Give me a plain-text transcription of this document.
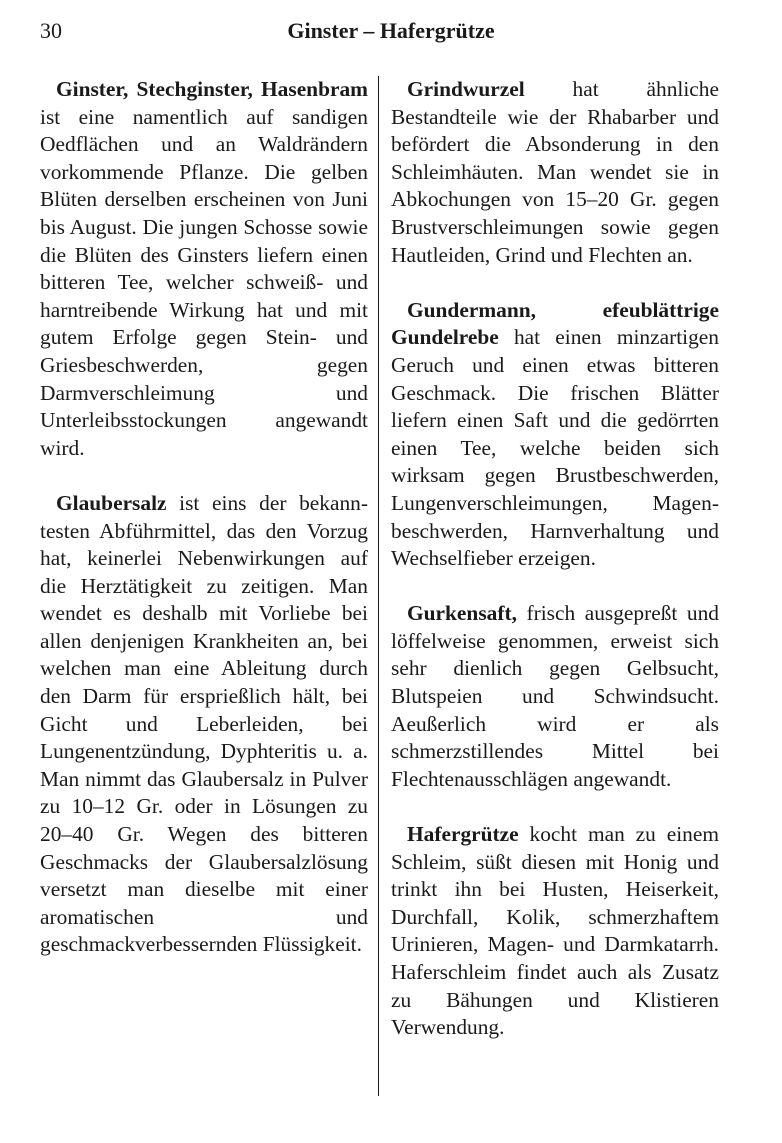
30	Ginster – Hafergrütze

Ginster, Stechginster, Hasenbram ist eine namentlich auf sandigen Oedflächen und an Waldrändern vorkommende Pflanze. Die gelben Blüten derselben erscheinen von Juni bis August. Die jungen Schosse sowie die Blüten des Ginsters liefern einen bitteren Tee, welcher schweiß- und harntreibende Wirkung hat und mit gutem Erfolge gegen Stein- und Griesbeschwerden, gegen Darmverschleimung und Unterleibsstockungen angewandt wird.

Glaubersalz ist eins der bekanntesten Abführmittel, das den Vorzug hat, keinerlei Nebenwirkungen auf die Herztätigkeit zu zeitigen. Man wendet es deshalb mit Vorliebe bei allen denjenigen Krankheiten an, bei welchen man eine Ableitung durch den Darm für ersprießlich hält, bei Gicht und Leberleiden, bei Lungenentzündung, Dyphteritis u. a. Man nimmt das Glaubersalz in Pulver zu 10–12 Gr. oder in Lösungen zu 20–40 Gr. Wegen des bitteren Geschmacks der Glaubersalzlösung versetzt man dieselbe mit einer aromatischen und geschmackverbessernden Flüssigkeit.

Grindwurzel hat ähnliche Bestandteile wie der Rhabarber und befördert die Absonderung in den Schleimhäuten. Man wendet sie in Abkochungen von 15–20 Gr. gegen Brustverschleimungen sowie gegen Hautleiden, Grind und Flechten an.

Gundermann, efeublättrige Gundelrebe hat einen minzartigen Geruch und einen etwas bitteren Geschmack. Die frischen Blätter liefern einen Saft und die gedörrten einen Tee, welche beiden sich wirksam gegen Brustbeschwerden, Lungenverschleimungen, Magenbeschwerden, Harnverhaltung und Wechselfieber erzeigen.

Gurkensaft, frisch ausgepreßt und löffelweise genommen, erweist sich sehr dienlich gegen Gelbsucht, Blutspeien und Schwindsucht. Aeußerlich wird er als schmerzstillendes Mittel bei Flechtenausschlägen angewandt.

Hafergrütze kocht man zu einem Schleim, süßt diesen mit Honig und trinkt ihn bei Husten, Heiserkeit, Durchfall, Kolik, schmerzhaftem Urinieren, Magen- und Darmkatarrh. Haferschleim findet auch als Zusatz zu Bähungen und Klistieren Verwendung.
